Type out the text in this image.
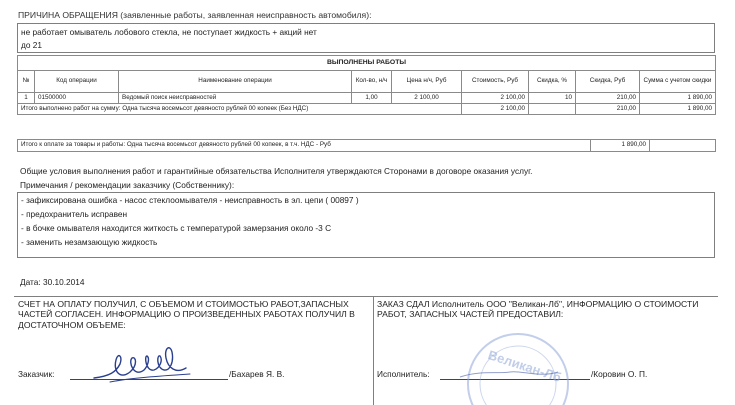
ПРИЧИНА ОБРАЩЕНИЯ (заявленные работы, заявленная неисправность автомобиля):
не работает омыватель лобового стекла, не поступает жидкость + акций нет
до 21
ВЫПОЛНЕНЫ РАБОТЫ								
№	Код операции	Наименование операции	Кол-во, н/ч	Цена н/ч, Руб	Стоимость, Руб	Скидка, %	Скидка, Руб	Сумма с учетом скидки
1	01500000	Ведомый поиск неисправностей	1,00	2 100,00	2 100,00	10	210,00	1 890,00
Итого выполнено работ на сумму: Одна тысяча восемьсот девяносто рублей 00 копеек (Без НДС)					2 100,00		210,00	1 890,00
Итого к оплате за товары и работы: Одна тысяча восемьсот девяносто рублей 00 копеек, в т.ч. НДС - Руб	1 890,00	
Общие условия выполнения работ и гарантийные обязательства Исполнителя утверждаются Сторонами в договоре оказания услуг.
Примечания / рекомендации заказчику (Собственнику):
- зафиксирована ошибка - насос стеклоомывателя - неисправность в эл. цепи ( 00897 )
- предохранитель исправен
- в бочке омывателя находится житкость с температурой замерзания около -3 С
- заменить незамзающую жидкость
Дата: 30.10.2014
СЧЕТ НА ОПЛАТУ ПОЛУЧИЛ, С ОБЪЕМОМ И СТОИМОСТЬЮ РАБОТ,ЗАПАСНЫХ ЧАСТЕЙ СОГЛАСЕН. ИНФОРМАЦИЮ О ПРОИЗВЕДЕННЫХ РАБОТАХ ПОЛУЧИЛ В ДОСТАТОЧНОМ ОБЪЕМЕ:
ЗАКАЗ СДАЛ Исполнитель ООО "Великан-Лб", ИНФОРМАЦИЮ О СТОИМОСТИ РАБОТ, ЗАПАСНЫХ ЧАСТЕЙ ПРЕДОСТАВИЛ:
Заказчик:	/Бахарев Я. В.	Исполнитель:	/Коровин О. П.
Великан-Лб
